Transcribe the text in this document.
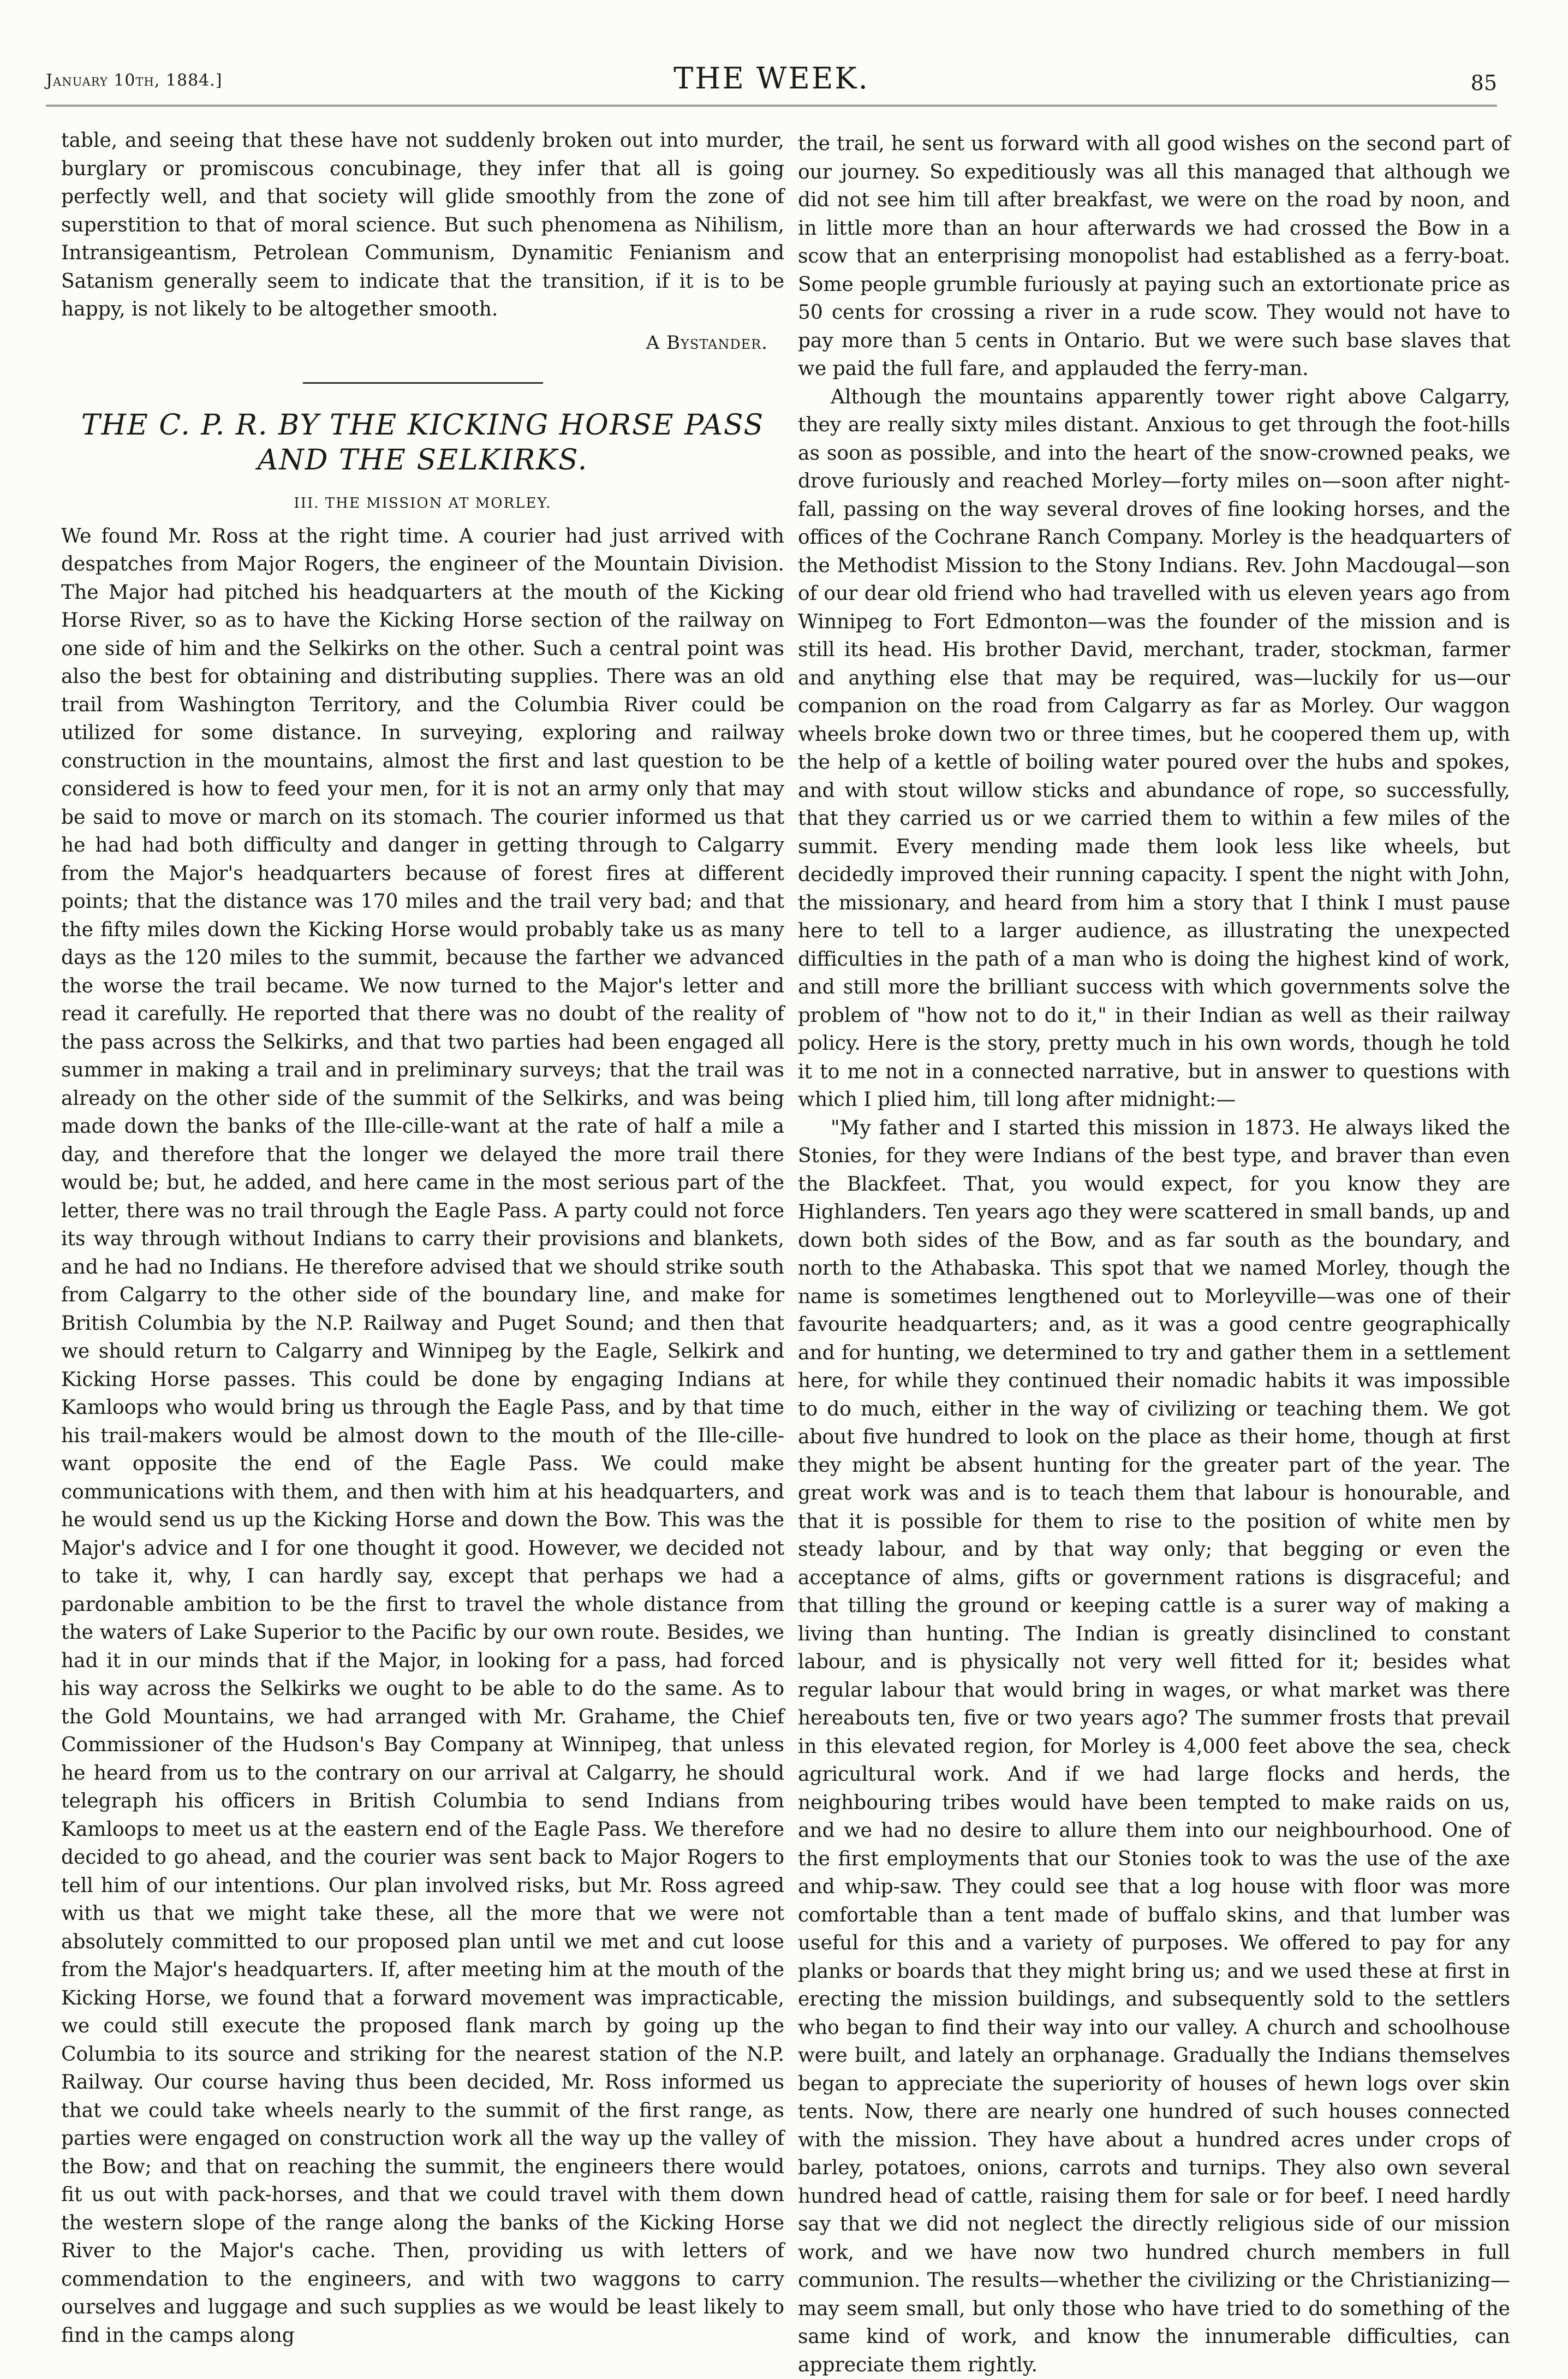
January 10th, 1884.]	THE WEEK.	85

table, and seeing that these have not suddenly broken out into murder, burglary or promiscous concubinage, they infer that all is going perfectly well, and that society will glide smoothly from the zone of superstition to that of moral science. But such phenomena as Nihilism, Intransigeantism, Petrolean Communism, Dynamitic Fenianism and Satanism generally seem to indicate that the transition, if it is to be happy, is not likely to be altogether smooth.

A Bystander.
THE C. P. R. BY THE KICKING HORSE PASS AND THE SELKIRKS.
III. THE MISSION AT MORLEY.

We found Mr. Ross at the right time. A courier had just arrived with despatches from Major Rogers, the engineer of the Mountain Division. The Major had pitched his headquarters at the mouth of the Kicking Horse River, so as to have the Kicking Horse section of the railway on one side of him and the Selkirks on the other. Such a central point was also the best for obtaining and distributing supplies. There was an old trail from Washington Territory, and the Columbia River could be utilized for some distance. In surveying, exploring and railway construction in the mountains, almost the first and last question to be considered is how to feed your men, for it is not an army only that may be said to move or march on its stomach. The courier informed us that he had had both difficulty and danger in getting through to Calgarry from the Major's headquarters because of forest fires at different points; that the distance was 170 miles and the trail very bad; and that the fifty miles down the Kicking Horse would probably take us as many days as the 120 miles to the summit, because the farther we advanced the worse the trail became. We now turned to the Major's letter and read it carefully. He reported that there was no doubt of the reality of the pass across the Selkirks, and that two parties had been engaged all summer in making a trail and in preliminary surveys; that the trail was already on the other side of the summit of the Selkirks, and was being made down the banks of the Ille-cille-want at the rate of half a mile a day, and therefore that the longer we delayed the more trail there would be; but, he added, and here came in the most serious part of the letter, there was no trail through the Eagle Pass. A party could not force its way through without Indians to carry their provisions and blankets, and he had no Indians. He therefore advised that we should strike south from Calgarry to the other side of the boundary line, and make for British Columbia by the N.P. Railway and Puget Sound; and then that we should return to Calgarry and Winnipeg by the Eagle, Selkirk and Kicking Horse passes. This could be done by engaging Indians at Kamloops who would bring us through the Eagle Pass, and by that time his trail-makers would be almost down to the mouth of the Ille-cille-want opposite the end of the Eagle Pass. We could make communications with them, and then with him at his headquarters, and he would send us up the Kicking Horse and down the Bow. This was the Major's advice and I for one thought it good. However, we decided not to take it, why, I can hardly say, except that perhaps we had a pardonable ambition to be the first to travel the whole distance from the waters of Lake Superior to the Pacific by our own route. Besides, we had it in our minds that if the Major, in looking for a pass, had forced his way across the Selkirks we ought to be able to do the same. As to the Gold Mountains, we had arranged with Mr. Grahame, the Chief Commissioner of the Hudson's Bay Company at Winnipeg, that unless he heard from us to the contrary on our arrival at Calgarry, he should telegraph his officers in British Columbia to send Indians from Kamloops to meet us at the eastern end of the Eagle Pass. We therefore decided to go ahead, and the courier was sent back to Major Rogers to tell him of our intentions. Our plan involved risks, but Mr. Ross agreed with us that we might take these, all the more that we were not absolutely committed to our proposed plan until we met and cut loose from the Major's headquarters. If, after meeting him at the mouth of the Kicking Horse, we found that a forward movement was impracticable, we could still execute the proposed flank march by going up the Columbia to its source and striking for the nearest station of the N.P. Railway. Our course having thus been decided, Mr. Ross informed us that we could take wheels nearly to the summit of the first range, as parties were engaged on construction work all the way up the valley of the Bow; and that on reaching the summit, the engineers there would fit us out with pack-horses, and that we could travel with them down the western slope of the range along the banks of the Kicking Horse River to the Major's cache. Then, providing us with letters of commendation to the engineers, and with two waggons to carry ourselves and luggage and such supplies as we would be least likely to find in the camps along

the trail, he sent us forward with all good wishes on the second part of our journey. So expeditiously was all this managed that although we did not see him till after breakfast, we were on the road by noon, and in little more than an hour afterwards we had crossed the Bow in a scow that an enterprising monopolist had established as a ferry-boat. Some people grumble furiously at paying such an extortionate price as 50 cents for crossing a river in a rude scow. They would not have to pay more than 5 cents in Ontario. But we were such base slaves that we paid the full fare, and applauded the ferry-man.

Although the mountains apparently tower right above Calgarry, they are really sixty miles distant. Anxious to get through the foot-hills as soon as possible, and into the heart of the snow-crowned peaks, we drove furiously and reached Morley—forty miles on—soon after night-fall, passing on the way several droves of fine looking horses, and the offices of the Cochrane Ranch Company. Morley is the headquarters of the Methodist Mission to the Stony Indians. Rev. John Macdougal—son of our dear old friend who had travelled with us eleven years ago from Winnipeg to Fort Edmonton—was the founder of the mission and is still its head. His brother David, merchant, trader, stockman, farmer and anything else that may be required, was—luckily for us—our companion on the road from Calgarry as far as Morley. Our waggon wheels broke down two or three times, but he coopered them up, with the help of a kettle of boiling water poured over the hubs and spokes, and with stout willow sticks and abundance of rope, so successfully, that they carried us or we carried them to within a few miles of the summit. Every mending made them look less like wheels, but decidedly improved their running capacity. I spent the night with John, the missionary, and heard from him a story that I think I must pause here to tell to a larger audience, as illustrating the unexpected difficulties in the path of a man who is doing the highest kind of work, and still more the brilliant success with which governments solve the problem of "how not to do it," in their Indian as well as their railway policy. Here is the story, pretty much in his own words, though he told it to me not in a connected narrative, but in answer to questions with which I plied him, till long after midnight:—

"My father and I started this mission in 1873. He always liked the Stonies, for they were Indians of the best type, and braver than even the Blackfeet. That, you would expect, for you know they are Highlanders. Ten years ago they were scattered in small bands, up and down both sides of the Bow, and as far south as the boundary, and north to the Athabaska. This spot that we named Morley, though the name is sometimes lengthened out to Morleyville—was one of their favourite headquarters; and, as it was a good centre geographically and for hunting, we determined to try and gather them in a settlement here, for while they continued their nomadic habits it was impossible to do much, either in the way of civilizing or teaching them. We got about five hundred to look on the place as their home, though at first they might be absent hunting for the greater part of the year. The great work was and is to teach them that labour is honourable, and that it is possible for them to rise to the position of white men by steady labour, and by that way only; that begging or even the acceptance of alms, gifts or government rations is disgraceful; and that tilling the ground or keeping cattle is a surer way of making a living than hunting. The Indian is greatly disinclined to constant labour, and is physically not very well fitted for it; besides what regular labour that would bring in wages, or what market was there hereabouts ten, five or two years ago? The summer frosts that prevail in this elevated region, for Morley is 4,000 feet above the sea, check agricultural work. And if we had large flocks and herds, the neighbouring tribes would have been tempted to make raids on us, and we had no desire to allure them into our neighbourhood. One of the first employments that our Stonies took to was the use of the axe and whip-saw. They could see that a log house with floor was more comfortable than a tent made of buffalo skins, and that lumber was useful for this and a variety of purposes. We offered to pay for any planks or boards that they might bring us; and we used these at first in erecting the mission buildings, and subsequently sold to the settlers who began to find their way into our valley. A church and schoolhouse were built, and lately an orphanage. Gradually the Indians themselves began to appreciate the superiority of houses of hewn logs over skin tents. Now, there are nearly one hundred of such houses connected with the mission. They have about a hundred acres under crops of barley, potatoes, onions, carrots and turnips. They also own several hundred head of cattle, raising them for sale or for beef. I need hardly say that we did not neglect the directly religious side of our mission work, and we have now two hundred church members in full communion. The results—whether the civilizing or the Christianizing—may seem small, but only those who have tried to do something of the same kind of work, and know the innumerable difficulties, can appreciate them rightly.
